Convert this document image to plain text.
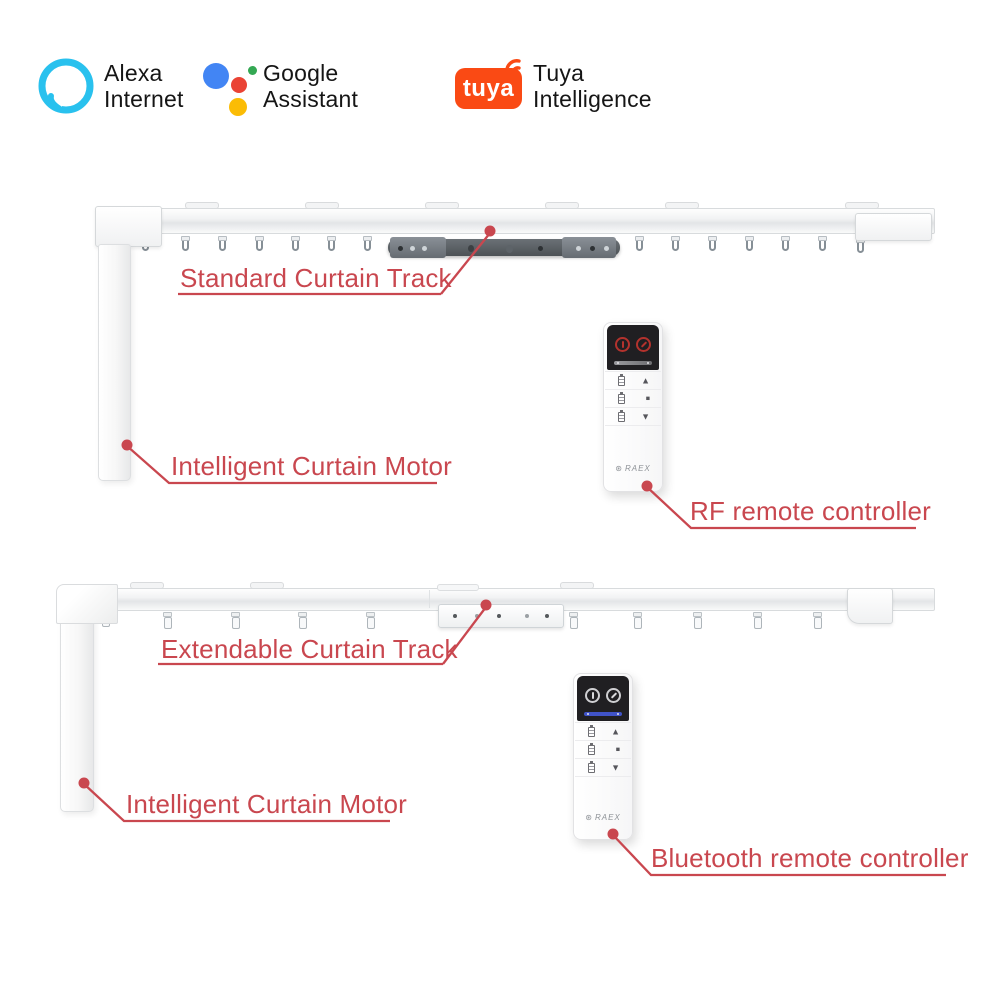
Alexa
Internet
Google
Assistant	tuya
Tuya
Intelligence
▲
■
▼
⊛ RAEX
▲
■
▼
⊛ RAEX
Standard Curtain Track
Intelligent Curtain Motor
RF remote controller
Extendable Curtain Track
Intelligent Curtain Motor
Bluetooth remote controller
